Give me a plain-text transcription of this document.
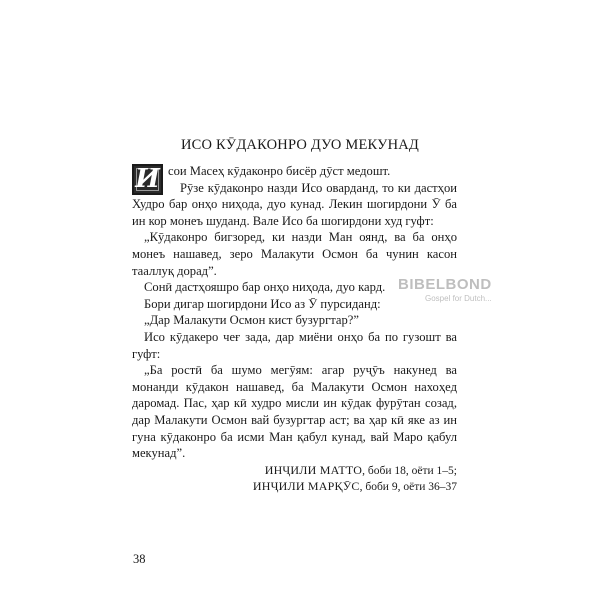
ИСО КӮДАКОНРО ДУО МЕКУНАД

И сои Масеҳ кӯдаконро бисёр дӯст медошт.

Рӯзе кӯдаконро назди Исо оварданд, то ки дастҳои Худро бар онҳо ниҳода, дуо кунад. Лекин шогирдони Ӯ ба ин кор монеъ шуданд. Вале Исо ба шогирдони худ гуфт:

„Кӯдаконро бигзоред, ки назди Ман оянд, ва ба онҳо монеъ нашавед, зеро Малакути Осмон ба чунин касон тааллуқ дорад”.

Сонӣ дастҳояшро бар онҳо ниҳода, дуо кард.

Бори дигар шогирдони Исо аз Ӯ пурсиданд:

„Дар Малакути Осмон кист бузургтар?”

Исо кӯдакеро чеғ зада, дар миёни онҳо ба по гузошт ва гуфт:

„Ба ростӣ ба шумо мегӯям: агар руҷӯъ накунед ва монанди кӯдакон нашавед, ба Малакути Осмон нахоҳед даромад. Пас, ҳар кӣ худро мисли ин кӯдак фурӯтан созад, дар Малакути Осмон вай бузургтар аст; ва ҳар кӣ яке аз ин гуна кӯдаконро ба исми Ман қабул кунад, вай Маро қабул мекунад”.

ИНҶИЛИ МАТТО, боби 18, оёти 1–5;
ИНҶИЛИ МАРҚӮС, боби 9, оёти 36–37
38
BIBELBOND
Gospel for Dutch...
